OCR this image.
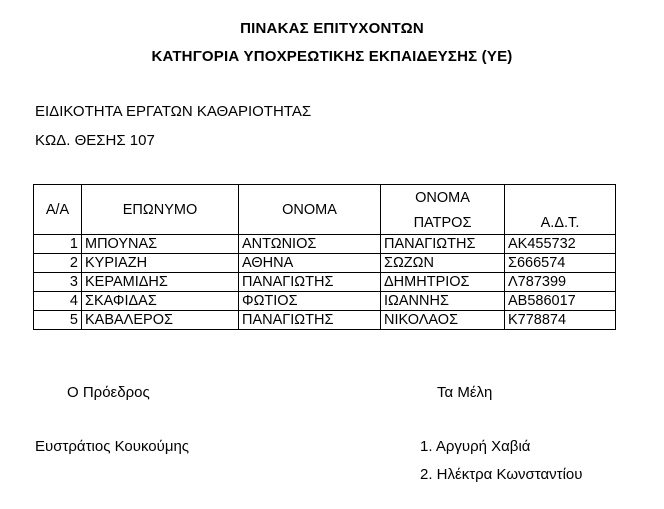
ΠΙΝΑΚΑΣ ΕΠΙΤΥΧΟΝΤΩΝ
ΚΑΤΗΓΟΡΙΑ ΥΠΟΧΡΕΩΤΙΚΗΣ ΕΚΠΑΙΔΕΥΣΗΣ (ΥΕ)
ΕΙΔΙΚΟΤΗΤΑ ΕΡΓΑΤΩΝ ΚΑΘΑΡΙΟΤΗΤΑΣ
ΚΩΔ. ΘΕΣΗΣ 107
Α/Α	ΕΠΩΝΥΜΟ	ΟΝΟΜΑ	ΟΝΟΜΑ
ΠΑΤΡΟΣ	Α.Δ.Τ.
1	ΜΠΟΥΝΑΣ	ΑΝΤΩΝΙΟΣ	ΠΑΝΑΓΙΩΤΗΣ	ΑΚ455732
2	ΚΥΡΙΑΖΗ	ΑΘΗΝΑ	ΣΩΖΩΝ	Σ666574
3	ΚΕΡΑΜΙΔΗΣ	ΠΑΝΑΓΙΩΤΗΣ	ΔΗΜΗΤΡΙΟΣ	Λ787399
4	ΣΚΑΦΙΔΑΣ	ΦΩΤΙΟΣ	ΙΩΑΝΝΗΣ	ΑΒ586017
5	ΚΑΒΑΛΕΡΟΣ	ΠΑΝΑΓΙΩΤΗΣ	ΝΙΚΟΛΑΟΣ	Κ778874
Ο Πρόεδρος	Τα Μέλη
Ευστράτιος Κουκούμης	1. Αργυρή Χαβιά
2. Ηλέκτρα Κωνσταντίου
